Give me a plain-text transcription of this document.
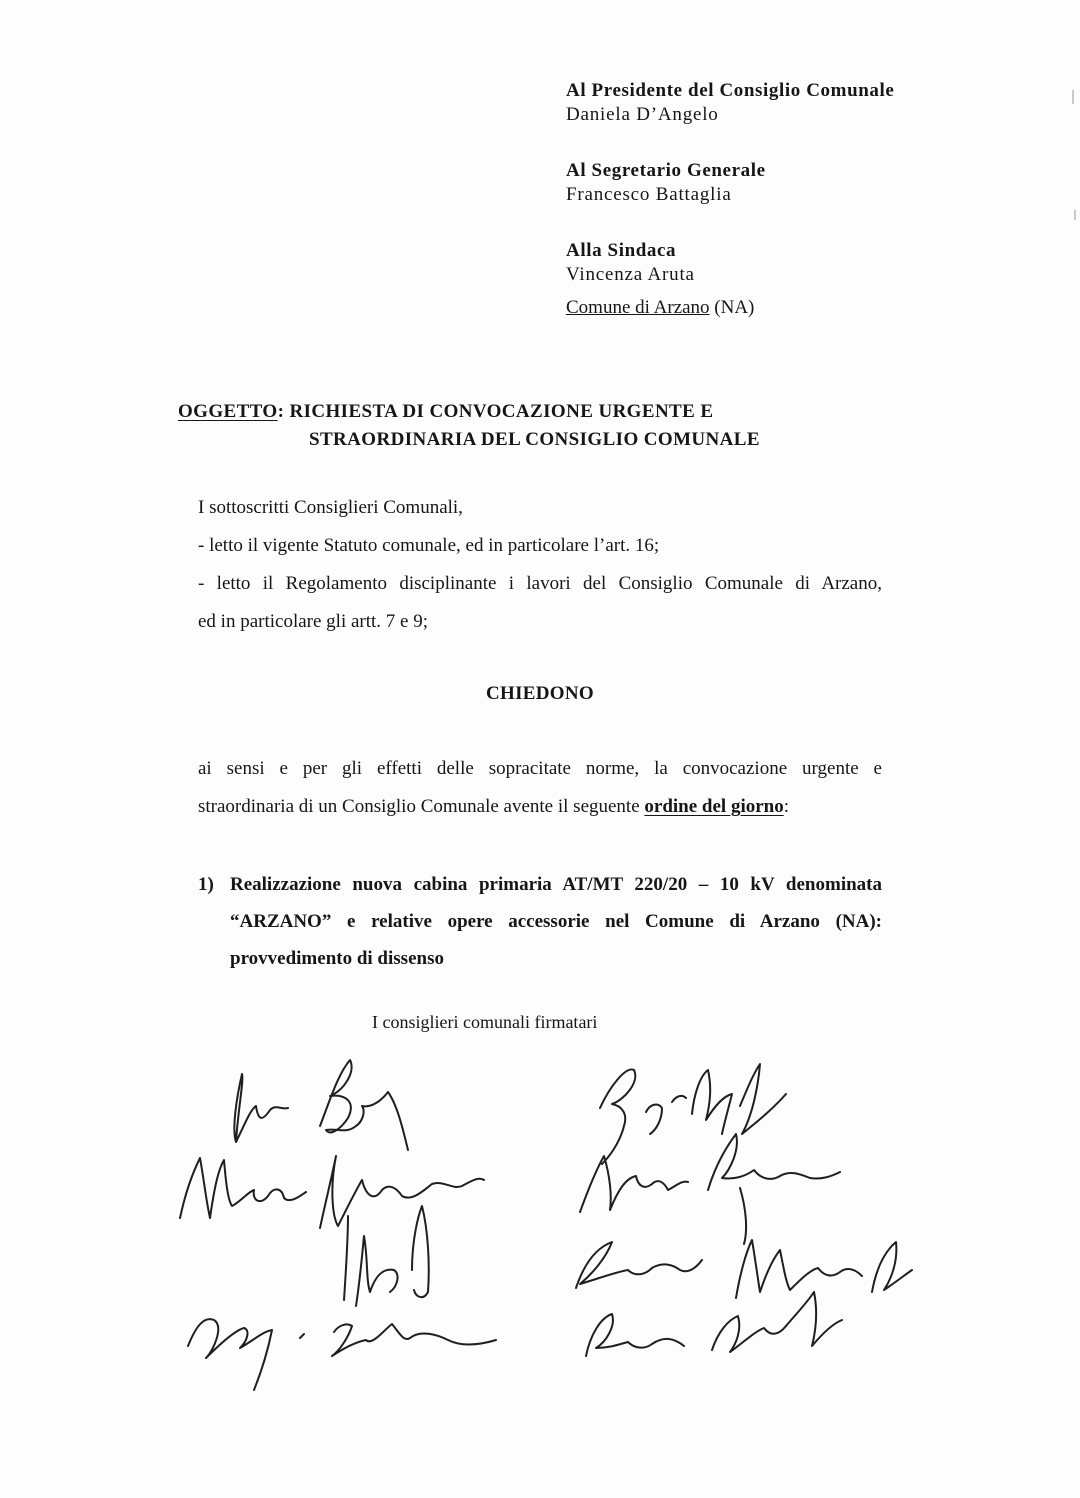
Al Presidente del Consiglio Comunale
Daniela D’Angelo
Al Segretario Generale
Francesco Battaglia
Alla Sindaca
Vincenza Aruta
Comune di Arzano (NA)
OGGETTO: RICHIESTA DI CONVOCAZIONE URGENTE E
STRAORDINARIA DEL CONSIGLIO COMUNALE
I sottoscritti Consiglieri Comunali,
- letto il vigente Statuto comunale, ed in particolare l’art. 16;
- letto il Regolamento disciplinante i lavori del Consiglio Comunale di Arzano,
ed in particolare gli artt. 7 e 9;
CHIEDONO
ai sensi e per gli effetti delle sopracitate norme, la convocazione urgente e
straordinaria di un Consiglio Comunale avente il seguente ordine del giorno:
1) Realizzazione nuova cabina primaria AT/MT 220/20 – 10 kV denominata “ARZANO” e relative opere accessorie nel Comune di Arzano (NA): provvedimento di dissenso
I consiglieri comunali firmatari
